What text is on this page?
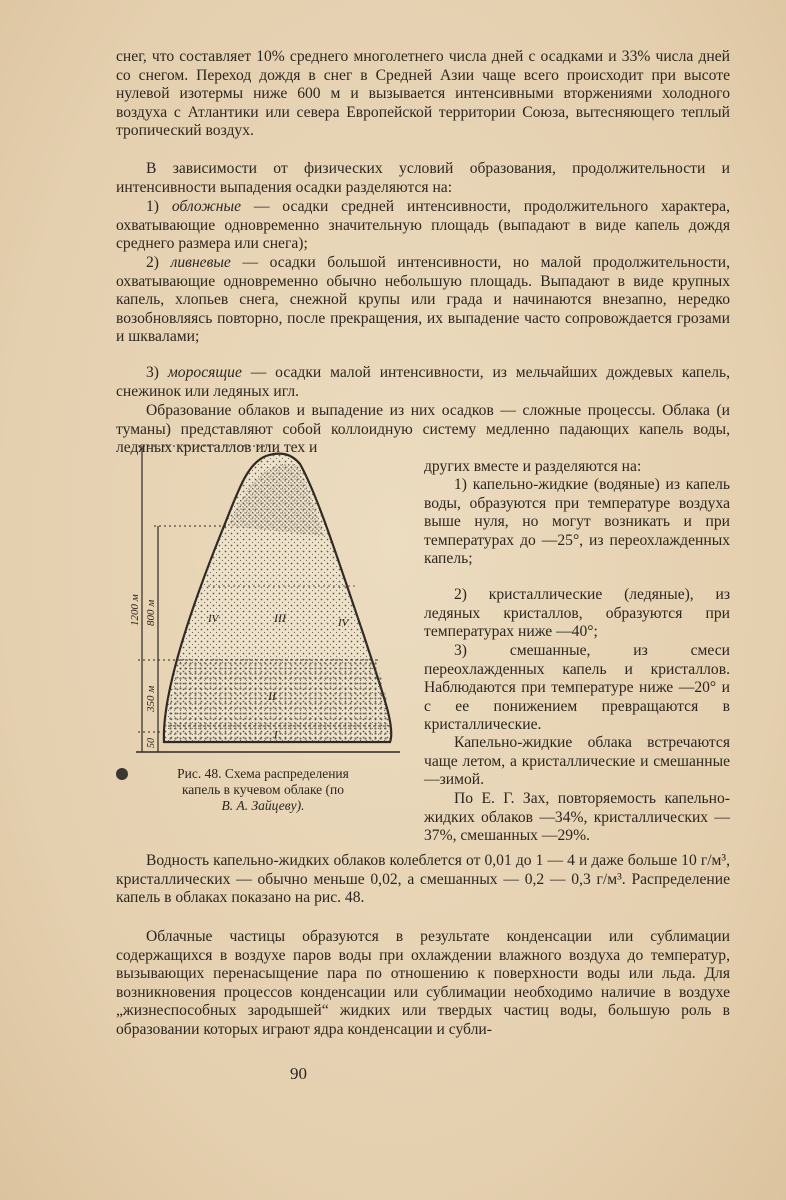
снег, что составляет 10% среднего многолетнего числа дней с осадками и 33% числа дней со снегом. Переход дождя в снег в Средней Азии чаще всего происходит при высоте нулевой изотермы ниже 600 м и вызывается интенсивными вторжениями холодного воздуха с Атлантики или севера Европейской территории Союза, вытесняющего теплый тропический воздух.
В зависимости от физических условий образования, продолжительности и интенсивности выпадения осадки разделяются на:
1) обложные — осадки средней интенсивности, продолжительного характера, охватывающие одновременно значительную площадь (выпадают в виде капель дождя среднего размера или снега);
2) ливневые — осадки большой интенсивности, но малой продолжительности, охватывающие одновременно обычно небольшую площадь. Выпадают в виде крупных капель, хлопьев снега, снежной крупы или града и начинаются внезапно, нередко возобновляясь повторно, после прекращения, их выпадение часто сопровождается грозами и шквалами;
3) моросящие — осадки малой интенсивности, из мельчайших дождевых капель, снежинок или ледяных игл.
Образование облаков и выпадение из них осадков — сложные процессы. Облака (и туманы) представляют собой коллоидную систему медленно падающих капель воды, ледяных кристаллов или тех и
других вместе и разделяются на:
1) капельно-жидкие (водяные) из капель воды, образуются при температуре воздуха выше нуля, но могут возникать и при температурах до —25°, из переохлажденных капель;
2) кристаллические (ледяные), из ледяных кристаллов, образуются при температурах ниже —40°;
3) смешанные, из смеси переохлажденных капель и кристаллов. Наблюдаются при температуре ниже —20° и с ее понижением превращаются в кристаллические.
Капельно-жидкие облака встречаются чаще летом, а кристаллические и смешанные—зимой.
По Е. Г. Зах, повторяемость капельно-жидких облаков —34%, кристаллических —37%, смешанных —29%.
1200 м 800 м
350 м
50
I
II
III
IV	IV
Рис. 48. Схема распределения
капель в кучевом облаке (по
В. А. Зайцеву).
Водность капельно-жидких облаков колеблется от 0,01 до 1 — 4 и даже больше 10 г/м³, кристаллических — обычно меньше 0,02, а смешанных — 0,2 — 0,3 г/м³. Распределение капель в облаках показано на рис. 48.
Облачные частицы образуются в результате конденсации или сублимации содержащихся в воздухе паров воды при охлаждении влажного воздуха до температур, вызывающих перенасыщение пара по отношению к поверхности воды или льда. Для возникновения процессов конденсации или сублимации необходимо наличие в воздухе „жизнеспособных зародышей“ жидких или твердых частиц воды, большую роль в образовании которых играют ядра конденсации и субли-
90
